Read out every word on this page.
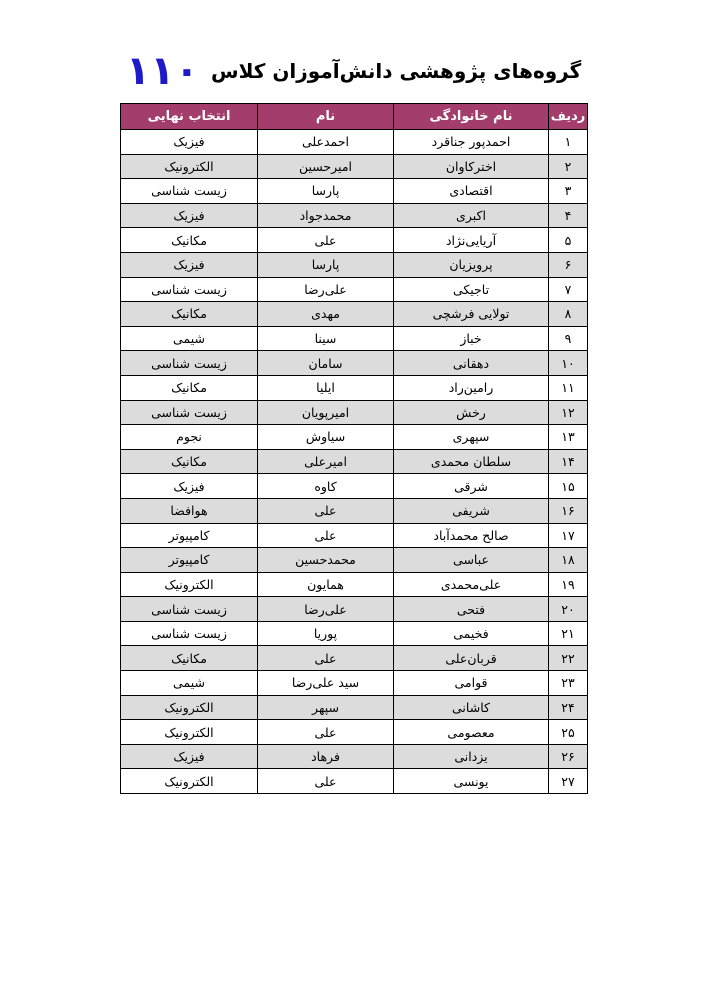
گروه‌های پژوهشی دانش‌آموزان کلاس
۱۱۰
ردیف	نام خانوادگی	نام	انتخاب نهایی
۱	احمدپور جناقرد	احمدعلی	فیزیک
۲	اخترکاوان	امیرحسین	الکترونیک
۳	اقتصادی	پارسا	زیست شناسی
۴	اکبری	محمدجواد	فیزیک
۵	آریایی‌نژاد	علی	مکانیک
۶	پرویزیان	پارسا	فیزیک
۷	تاجیکی	علی‌رضا	زیست شناسی
۸	تولایی فرشچی	مهدی	مکانیک
۹	خباز	سینا	شیمی
۱۰	دهقانی	سامان	زیست شناسی
۱۱	رامین‌راد	ایلیا	مکانیک
۱۲	رخش	امیرپویان	زیست شناسی
۱۳	سپهری	سیاوش	نجوم
۱۴	سلطان محمدی	امیرعلی	مکانیک
۱۵	شرقی	کاوه	فیزیک
۱۶	شریفی	علی	هوافضا
۱۷	صالح محمدآباد	علی	کامپیوتر
۱۸	عباسی	محمدحسین	کامپیوتر
۱۹	علی‌محمدی	همایون	الکترونیک
۲۰	فتحی	علی‌رضا	زیست شناسی
۲۱	فخیمی	پوریا	زیست شناسی
۲۲	قربان‌علی	علی	مکانیک
۲۳	قوامی	سید علی‌رضا	شیمی
۲۴	کاشانی	سپهر	الکترونیک
۲۵	معصومی	علی	الکترونیک
۲۶	یزدانی	فرهاد	فیزیک
۲۷	یونسی	علی	الکترونیک
